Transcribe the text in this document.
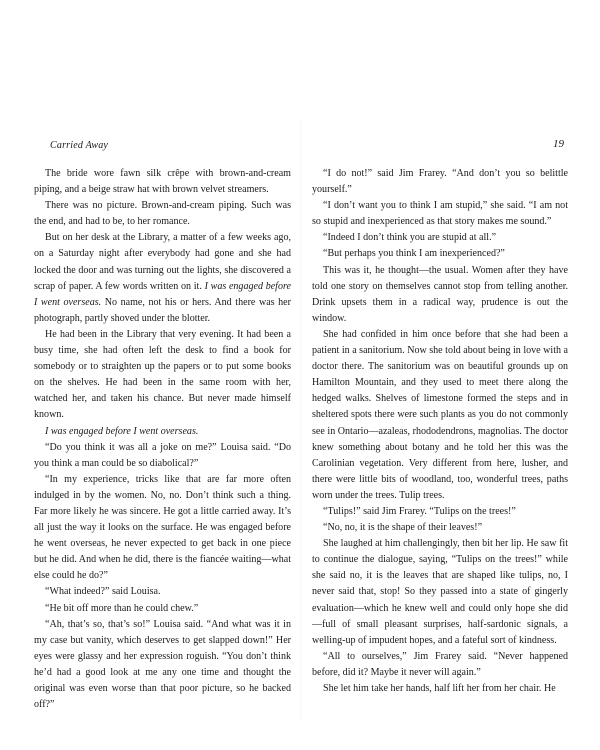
Carried Away	19

The bride wore fawn silk crêpe with brown-and-cream piping, and a beige straw hat with brown velvet streamers.

There was no picture. Brown-and-cream piping. Such was the end, and had to be, to her romance.

But on her desk at the Library, a matter of a few weeks ago, on a Saturday night after everybody had gone and she had locked the door and was turning out the lights, she discovered a scrap of paper. A few words written on it. I was engaged before I went overseas. No name, not his or hers. And there was her photograph, partly shoved under the blotter.

He had been in the Library that very evening. It had been a busy time, she had often left the desk to find a book for somebody or to straighten up the papers or to put some books on the shelves. He had been in the same room with her, watched her, and taken his chance. But never made himself known.

I was engaged before I went overseas.

“Do you think it was all a joke on me?” Louisa said. “Do you think a man could be so diabolical?”

“In my experience, tricks like that are far more often indulged in by the women. No, no. Don’t think such a thing. Far more likely he was sincere. He got a little carried away. It’s all just the way it looks on the surface. He was engaged before he went overseas, he never expected to get back in one piece but he did. And when he did, there is the fiancée waiting—what else could he do?”

“What indeed?” said Louisa.

“He bit off more than he could chew.”

“Ah, that’s so, that’s so!” Louisa said. “And what was it in my case but vanity, which deserves to get slapped down!” Her eyes were glassy and her expression roguish. “You don’t think he’d had a good look at me any one time and thought the original was even worse than that poor picture, so he backed off?”

“I do not!” said Jim Frarey. “And don’t you so belittle yourself.”

“I don’t want you to think I am stupid,” she said. “I am not so stupid and inexperienced as that story makes me sound.”

“Indeed I don’t think you are stupid at all.”

“But perhaps you think I am inexperienced?”

This was it, he thought—the usual. Women after they have told one story on themselves cannot stop from telling another. Drink upsets them in a radical way, prudence is out the window.

She had confided in him once before that she had been a patient in a sanitorium. Now she told about being in love with a doctor there. The sanitorium was on beautiful grounds up on Hamilton Mountain, and they used to meet there along the hedged walks. Shelves of limestone formed the steps and in sheltered spots there were such plants as you do not commonly see in Ontario—azaleas, rhododendrons, magnolias. The doctor knew something about botany and he told her this was the Carolinian vegetation. Very different from here, lusher, and there were little bits of woodland, too, wonderful trees, paths worn under the trees. Tulip trees.

“Tulips!” said Jim Frarey. “Tulips on the trees!”

“No, no, it is the shape of their leaves!”

She laughed at him challengingly, then bit her lip. He saw fit to continue the dialogue, saying, “Tulips on the trees!” while she said no, it is the leaves that are shaped like tulips, no, I never said that, stop! So they passed into a state of gingerly evaluation—which he knew well and could only hope she did—full of small pleasant surprises, half-sardonic signals, a welling-up of impudent hopes, and a fateful sort of kindness.

“All to ourselves,” Jim Frarey said. “Never happened before, did it? Maybe it never will again.”

She let him take her hands, half lift her from her chair. He
